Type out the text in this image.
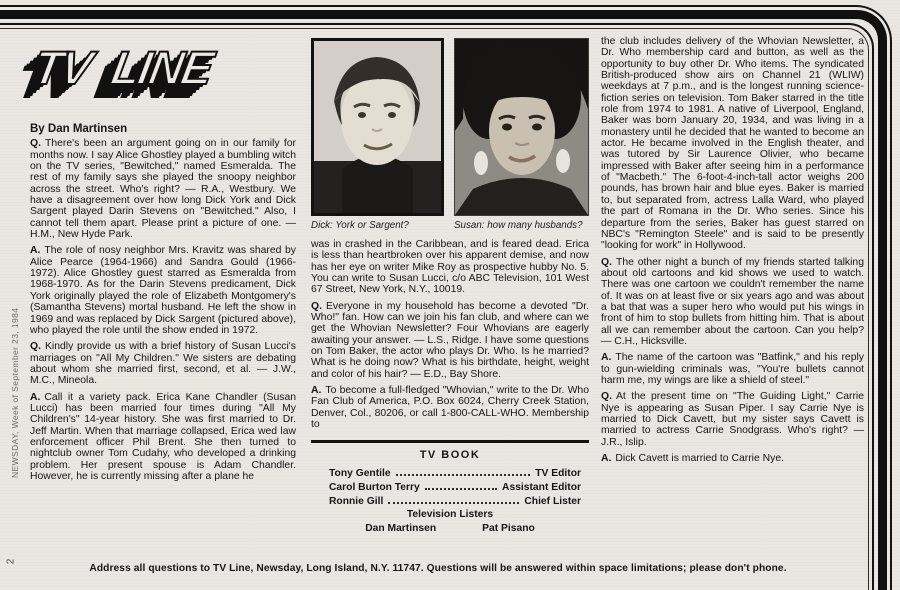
NEWSDAY, Week of September 23, 1984
2
TV LINE
By Dan Martinsen

Q. There's been an argument going on in our family for months now. I say Alice Ghostley played a bumbling witch on the TV series, "Bewitched," named Esmeralda. The rest of my family says she played the snoopy neighbor across the street. Who's right? — R.A., Westbury. We have a disagreement over how long Dick York and Dick Sargent played Darin Stevens on "Bewitched." Also, I cannot tell them apart. Please print a picture of one. — H.M., New Hyde Park.

A. The role of nosy neighbor Mrs. Kravitz was shared by Alice Pearce (1964-1966) and Sandra Gould (1966-1972). Alice Ghostley guest starred as Esmeralda from 1968-1970. As for the Darin Stevens predicament, Dick York originally played the role of Elizabeth Montgomery's (Samantha Stevens) mortal husband. He left the show in 1969 and was replaced by Dick Sargent (pictured above), who played the role until the show ended in 1972.

Q. Kindly provide us with a brief history of Susan Lucci's marriages on "All My Children." We sisters are debating about whom she married first, second, et al. — J.W., M.C., Mineola.

A. Call it a variety pack. Erica Kane Chandler (Susan Lucci) has been married four times during "All My Children's" 14-year history. She was first married to Dr. Jeff Martin. When that marriage collapsed, Erica wed law enforcement officer Phil Brent. She then turned to nightclub owner Tom Cudahy, who developed a drinking problem. Her present spouse is Adam Chandler. However, he is currently missing after a plane he

Dick: York or Sargent?	Susan: how many husbands?

was in crashed in the Caribbean, and is feared dead. Erica is less than heartbroken over his apparent demise, and now has her eye on writer Mike Roy as prospective hubby No. 5. You can write to Susan Lucci, c/o ABC Television, 101 West 67 Street, New York, N.Y., 10019.

Q. Everyone in my household has become a devoted "Dr. Who!" fan. How can we join his fan club, and where can we get the Whovian Newsletter? Four Whovians are eagerly awaiting your answer. — L.S., Ridge. I have some questions on Tom Baker, the actor who plays Dr. Who. Is he married? What is he doing now? What is his birthdate, height, weight and color of his hair? — E.D., Bay Shore.

A. To become a full-fledged "Whovian," write to the Dr. Who Fan Club of America, P.O. Box 6024, Cherry Creek Station, Denver, Col., 80206, or call 1-800-CALL-WHO. Membership to

TV BOOK
Tony Gentile	TV Editor
Carol Burton Terry	Assistant Editor
Ronnie Gill	Chief Lister
Television Listers
Dan Martinsen	Pat Pisano

the club includes delivery of the Whovian Newsletter, a Dr. Who membership card and button, as well as the opportunity to buy other Dr. Who items. The syndicated British-produced show airs on Channel 21 (WLIW) weekdays at 7 p.m., and is the longest running science-fiction series on television. Tom Baker starred in the title role from 1974 to 1981. A native of Liverpool, England, Baker was born January 20, 1934, and was living in a monastery until he decided that he wanted to become an actor. He became involved in the English theater, and was tutored by Sir Laurence Olivier, who became impressed with Baker after seeing him in a performance of "Macbeth." The 6-foot-4-inch-tall actor weighs 200 pounds, has brown hair and blue eyes. Baker is married to, but separated from, actress Lalla Ward, who played the part of Romana in the Dr. Who series. Since his departure from the series, Baker has guest starred on NBC's "Remington Steele" and is said to be presently "looking for work" in Hollywood.

Q. The other night a bunch of my friends started talking about old cartoons and kid shows we used to watch. There was one cartoon we couldn't remember the name of. It was on at least five or six years ago and was about a bat that was a super hero who would put his wings in front of him to stop bullets from hitting him. That is about all we can remember about the cartoon. Can you help? — C.H., Hicksville.

A. The name of the cartoon was "Batfink," and his reply to gun-wielding criminals was, "You're bullets cannot harm me, my wings are like a shield of steel."

Q. At the present time on "The Guiding Light," Carrie Nye is appearing as Susan Piper. I say Carrie Nye is married to Dick Cavett, but my sister says Cavett is married to actress Carrie Snodgrass. Who's right? — J.R., Islip.

A. Dick Cavett is married to Carrie Nye.

Address all questions to TV Line, Newsday, Long Island, N.Y. 11747. Questions will be answered within space limitations; please don't phone.
